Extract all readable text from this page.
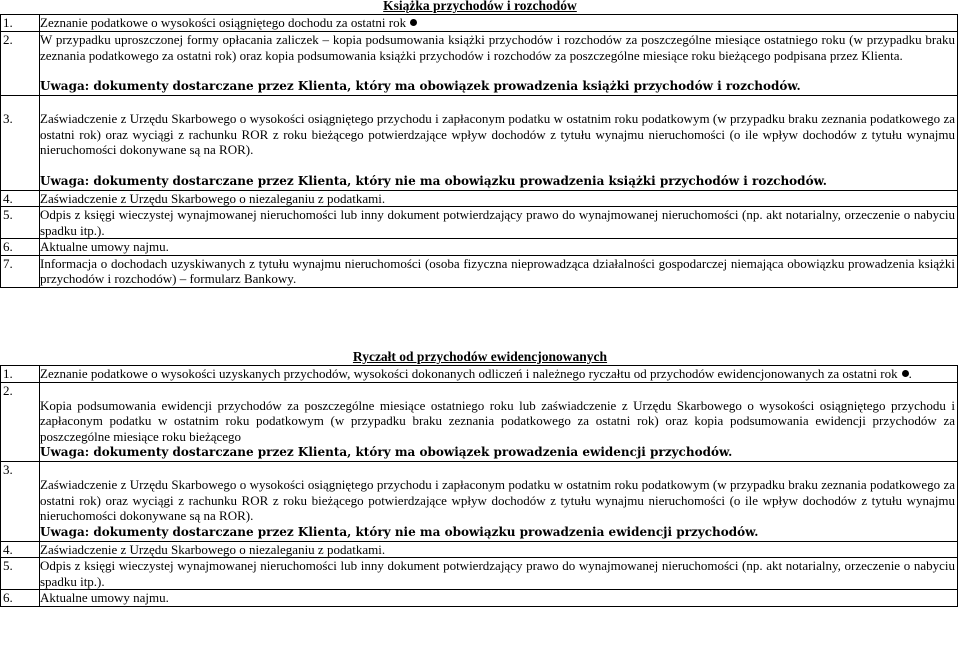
Książka przychodów i rozchodów
1.	Zeznanie podatkowe o wysokości osiągniętego dochodu za ostatni rok
2.	W przypadku uproszczonej formy opłacania zaliczek – kopia podsumowania książki przychodów i rozchodów za poszczególne miesiące ostatniego roku (w przypadku braku zeznania podatkowego za ostatni rok) oraz kopia podsumowania książki przychodów i rozchodów za poszczególne miesiące roku bieżącego podpisana przez Klienta.
Uwaga: dokumenty dostarczane przez Klienta, który ma obowiązek prowadzenia książki przychodów i rozchodów.

3.	Zaświadczenie z Urzędu Skarbowego o wysokości osiągniętego przychodu i zapłaconym podatku w ostatnim roku podatkowym (w przypadku braku zeznania podatkowego za ostatni rok) oraz wyciągi z rachunku ROR z roku bieżącego potwierdzające wpływ dochodów z tytułu wynajmu nieruchomości (o ile wpływ dochodów z tytułu wynajmu nieruchomości dokonywane są na ROR).
Uwaga: dokumenty dostarczane przez Klienta, który nie ma obowiązku prowadzenia książki przychodów i rozchodów.

4.	Zaświadczenie z Urzędu Skarbowego o niezaleganiu z podatkami.
5.	Odpis z księgi wieczystej wynajmowanej nieruchomości lub inny dokument potwierdzający prawo do wynajmowanej nieruchomości (np. akt notarialny, orzeczenie o nabyciu spadku itp.).
6.	Aktualne umowy najmu.
7.	Informacja o dochodach uzyskiwanych z tytułu wynajmu nieruchomości (osoba fizyczna nieprowadząca działalności gospodarczej niemająca obowiązku prowadzenia książki przychodów i rozchodów) – formularz Bankowy.
Ryczałt od przychodów ewidencjonowanych
1.	Zeznanie podatkowe o wysokości uzyskanych przychodów, wysokości dokonanych odliczeń i należnego ryczałtu od przychodów ewidencjonowanych za ostatni rok .
2.	Kopia podsumowania ewidencji przychodów za poszczególne miesiące ostatniego roku lub zaświadczenie z Urzędu Skarbowego o wysokości osiągniętego przychodu i zapłaconym podatku w ostatnim roku podatkowym (w przypadku braku zeznania podatkowego za ostatni rok) oraz kopia podsumowania ewidencji przychodów za poszczególne miesiące roku bieżącego
Uwaga: dokumenty dostarczane przez Klienta, który ma obowiązek prowadzenia ewidencji przychodów.

3.	Zaświadczenie z Urzędu Skarbowego o wysokości osiągniętego przychodu i zapłaconym podatku w ostatnim roku podatkowym (w przypadku braku zeznania podatkowego za ostatni rok) oraz wyciągi z rachunku ROR z roku bieżącego potwierdzające wpływ dochodów z tytułu wynajmu nieruchomości (o ile wpływ dochodów z tytułu wynajmu nieruchomości dokonywane są na ROR).
Uwaga: dokumenty dostarczane przez Klienta, który nie ma obowiązku prowadzenia ewidencji przychodów.

4.	Zaświadczenie z Urzędu Skarbowego o niezaleganiu z podatkami.
5.	Odpis z księgi wieczystej wynajmowanej nieruchomości lub inny dokument potwierdzający prawo do wynajmowanej nieruchomości (np. akt notarialny, orzeczenie o nabyciu spadku itp.).
6.	Aktualne umowy najmu.
